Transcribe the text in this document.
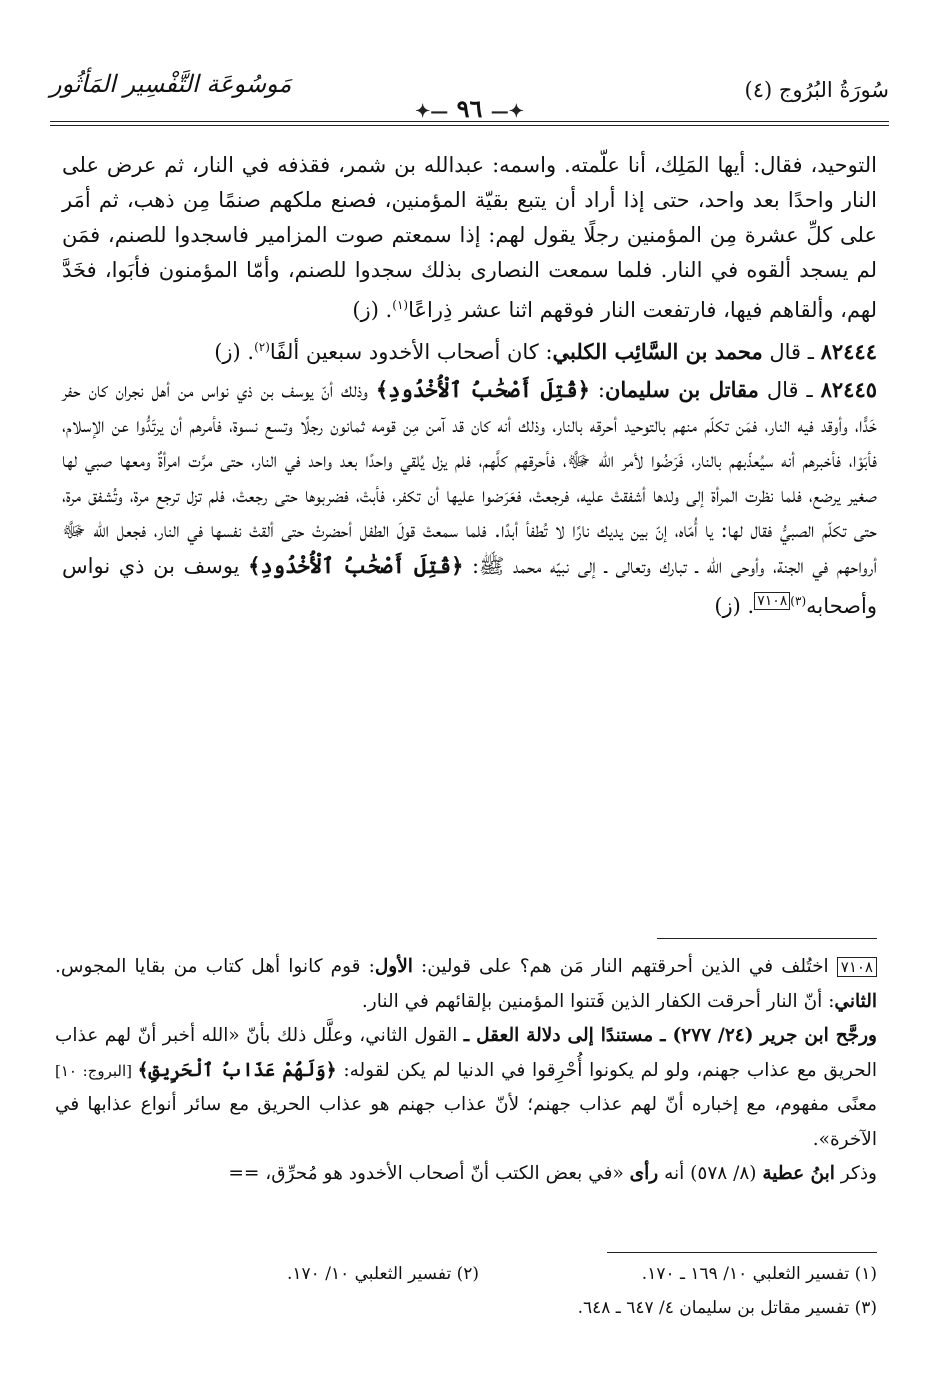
مَوسُوعَة التَّفْسِير المَأثُور
✦— ٩٦ —✦
سُورَةُ البُرُوج (٤)

التوحيد، فقال: أيها المَلِك، أنا علّمته. واسمه: عبدالله بن شمر، فقذفه في النار، ثم عرض على النار واحدًا بعد واحد، حتى إذا أراد أن يتبع بقيّة المؤمنين، فصنع ملكهم صنمًا مِن ذهب، ثم أمَر على كلِّ عشرة مِن المؤمنين رجلًا يقول لهم: إذا سمعتم صوت المزامير فاسجدوا للصنم، فمَن لم يسجد ألقوه في النار. فلما سمعت النصارى بذلك سجدوا للصنم، وأمّا المؤمنون فأبَوا، فخَدَّ لهم، وألقاهم فيها، فارتفعت النار فوقهم اثنا عشر ذِراعًا$^{(١)}$. (ز)

٨٢٤٤٤ ـ قال محمد بن السَّائِب الكلبي: كان أصحاب الأخدود سبعين ألفًا$^{(٢)}$. (ز)

٨٢٤٤٥ ـ قال مقاتل بن سليمان: ﴿قُتِلَ أَصْحَٰبُ ٱلْأُخْدُودِ﴾ وذلك أنّ يوسف بن ذي نواس من أهل نجران كان حفر خَدًّا، وأوقد فيه النار، فمَن تكلّم منهم بالتوحيد أحرقه بالنار، وذلك أنه كان قد آمن مِن قومه ثمانون رجلًا وتسع نسوة، فأمرهم أن يرتَدُّوا عن الإسلام، فأبَوْا، فأخبرهم أنه سيُعذّبهم بالنار، فَرَضُوا لأمر الله ﷻ، فأحرقهم كلَّهم، فلم يزل يُلقي واحدًا بعد واحد في النار، حتى مرَّت امرأةٌ ومعها صبي لها صغير يرضع، فلما نظرت المرأة إلى ولدها أشفقتْ عليه، فرجعتْ، فعَرَضوا عليها أن تكفر، فأبتْ، فضربوها حتى رجعتْ، فلم تزل ترجع مرة، وتُشفق مرة، حتى تكلّم الصبيُّ فقال لها: يا أُمّاه، إنّ بين يديك نارًا لا تُطفأ أبدًا. فلما سمعتْ قولَ الطفل أحضرتْ حتى ألقتْ نفسها في النار، فجعل الله ﷻ أرواحهم في الجنة، وأوحى الله ـ تبارك وتعالى ـ إلى نبيّه محمد ﷺ: ﴿قُتِلَ أَصْحَٰبُ ٱلْأُخْدُودِ﴾ يوسف بن ذي نواس وأصحابه$^{(٣)٧١٠٨}$. (ز)

٧١٠٨ اختُلف في الذين أحرقتهم النار مَن هم؟ على قولين: الأول: قوم كانوا أهل كتاب من بقايا المجوس. الثاني: أنّ النار أحرقت الكفار الذين فَتنوا المؤمنين بإلقائهم في النار.

ورجَّح ابن جرير (٢٤/ ٢٧٧) ـ مستندًا إلى دلالة العقل ـ القول الثاني، وعلَّل ذلك بأنّ «الله أخبر أنّ لهم عذاب الحريق مع عذاب جهنم، ولو لم يكونوا أُحْرِقوا في الدنيا لم يكن لقوله: ﴿وَلَهُمْ عَذَابُ ٱلْحَرِيقِ﴾ [البروج: ١٠] معنًى مفهوم، مع إخباره أنّ لهم عذاب جهنم؛ لأنّ عذاب جهنم هو عذاب الحريق مع سائر أنواع عذابها في الآخرة».

وذكر ابنُ عطية (٨/ ٥٧٨) أنه رأى «في بعض الكتب أنّ أصحاب الأخدود هو مُحرِّق، ==

(١) تفسير الثعلبي ١٠/ ١٦٩ ـ ١٧٠.
(٢) تفسير الثعلبي ١٠/ ١٧٠.
(٣) تفسير مقاتل بن سليمان ٤/ ٦٤٧ ـ ٦٤٨.
